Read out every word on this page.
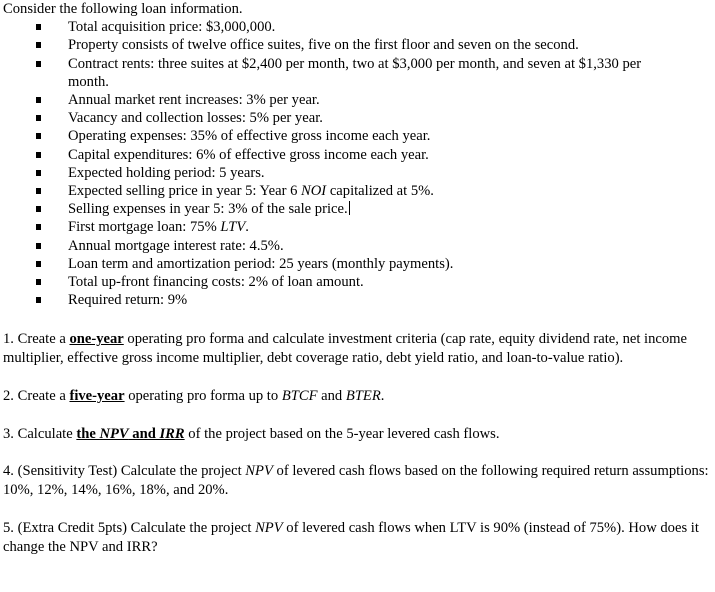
Consider the following loan information.

Total acquisition price: $3,000,000.
Property consists of twelve office suites, five on the first floor and seven on the second.
Contract rents: three suites at $2,400 per month, two at $3,000 per month, and seven at $1,330 per month.
Annual market rent increases: 3% per year.
Vacancy and collection losses: 5% per year.
Operating expenses: 35% of effective gross income each year.
Capital expenditures: 6% of effective gross income each year.
Expected holding period: 5 years.
Expected selling price in year 5: Year 6 NOI capitalized at 5%.
Selling expenses in year 5: 3% of the sale price.
First mortgage loan: 75% LTV.
Annual mortgage interest rate: 4.5%.
Loan term and amortization period: 25 years (monthly payments).
Total up-front financing costs: 2% of loan amount.
Required return: 9%

1. Create a one-year operating pro forma and calculate investment criteria (cap rate, equity dividend rate, net income multiplier, effective gross income multiplier, debt coverage ratio, debt yield ratio, and loan-to-value ratio).

2. Create a five-year operating pro forma up to BTCF and BTER.

3. Calculate the NPV and IRR of the project based on the 5-year levered cash flows.

4. (Sensitivity Test) Calculate the project NPV of levered cash flows based on the following required return assumptions: 10%, 12%, 14%, 16%, 18%, and 20%.

5. (Extra Credit 5pts) Calculate the project NPV of levered cash flows when LTV is 90% (instead of 75%). How does it change the NPV and IRR?
